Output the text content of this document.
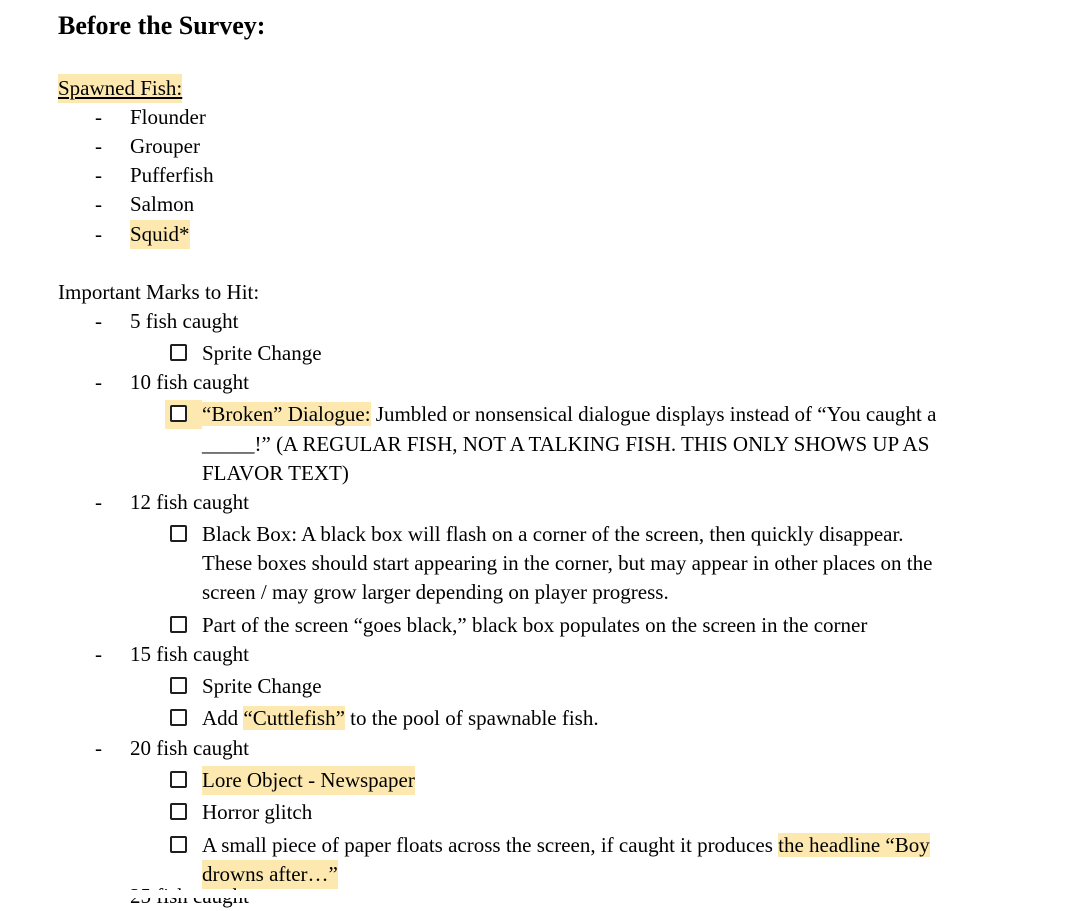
Before the Survey:
Spawned Fish:
- Flounder
- Grouper
- Pufferfish
- Salmon
- Squid*
Important Marks to Hit:
- 5 fish caught
Sprite Change
- 10 fish caught
“Broken” Dialogue: Jumbled or nonsensical dialogue displays instead of “You caught a
_____!” (A REGULAR FISH, NOT A TALKING FISH. THIS ONLY SHOWS UP AS
FLAVOR TEXT)
- 12 fish caught
Black Box: A black box will flash on a corner of the screen, then quickly disappear.
These boxes should start appearing in the corner, but may appear in other places on the
screen / may grow larger depending on player progress.
Part of the screen “goes black,” black box populates on the screen in the corner
- 15 fish caught
Sprite Change
Add “Cuttlefish” to the pool of spawnable fish.
- 20 fish caught
Lore Object - Newspaper
Horror glitch
A small piece of paper floats across the screen, if caught it produces the headline “Boy
drowns after…”
